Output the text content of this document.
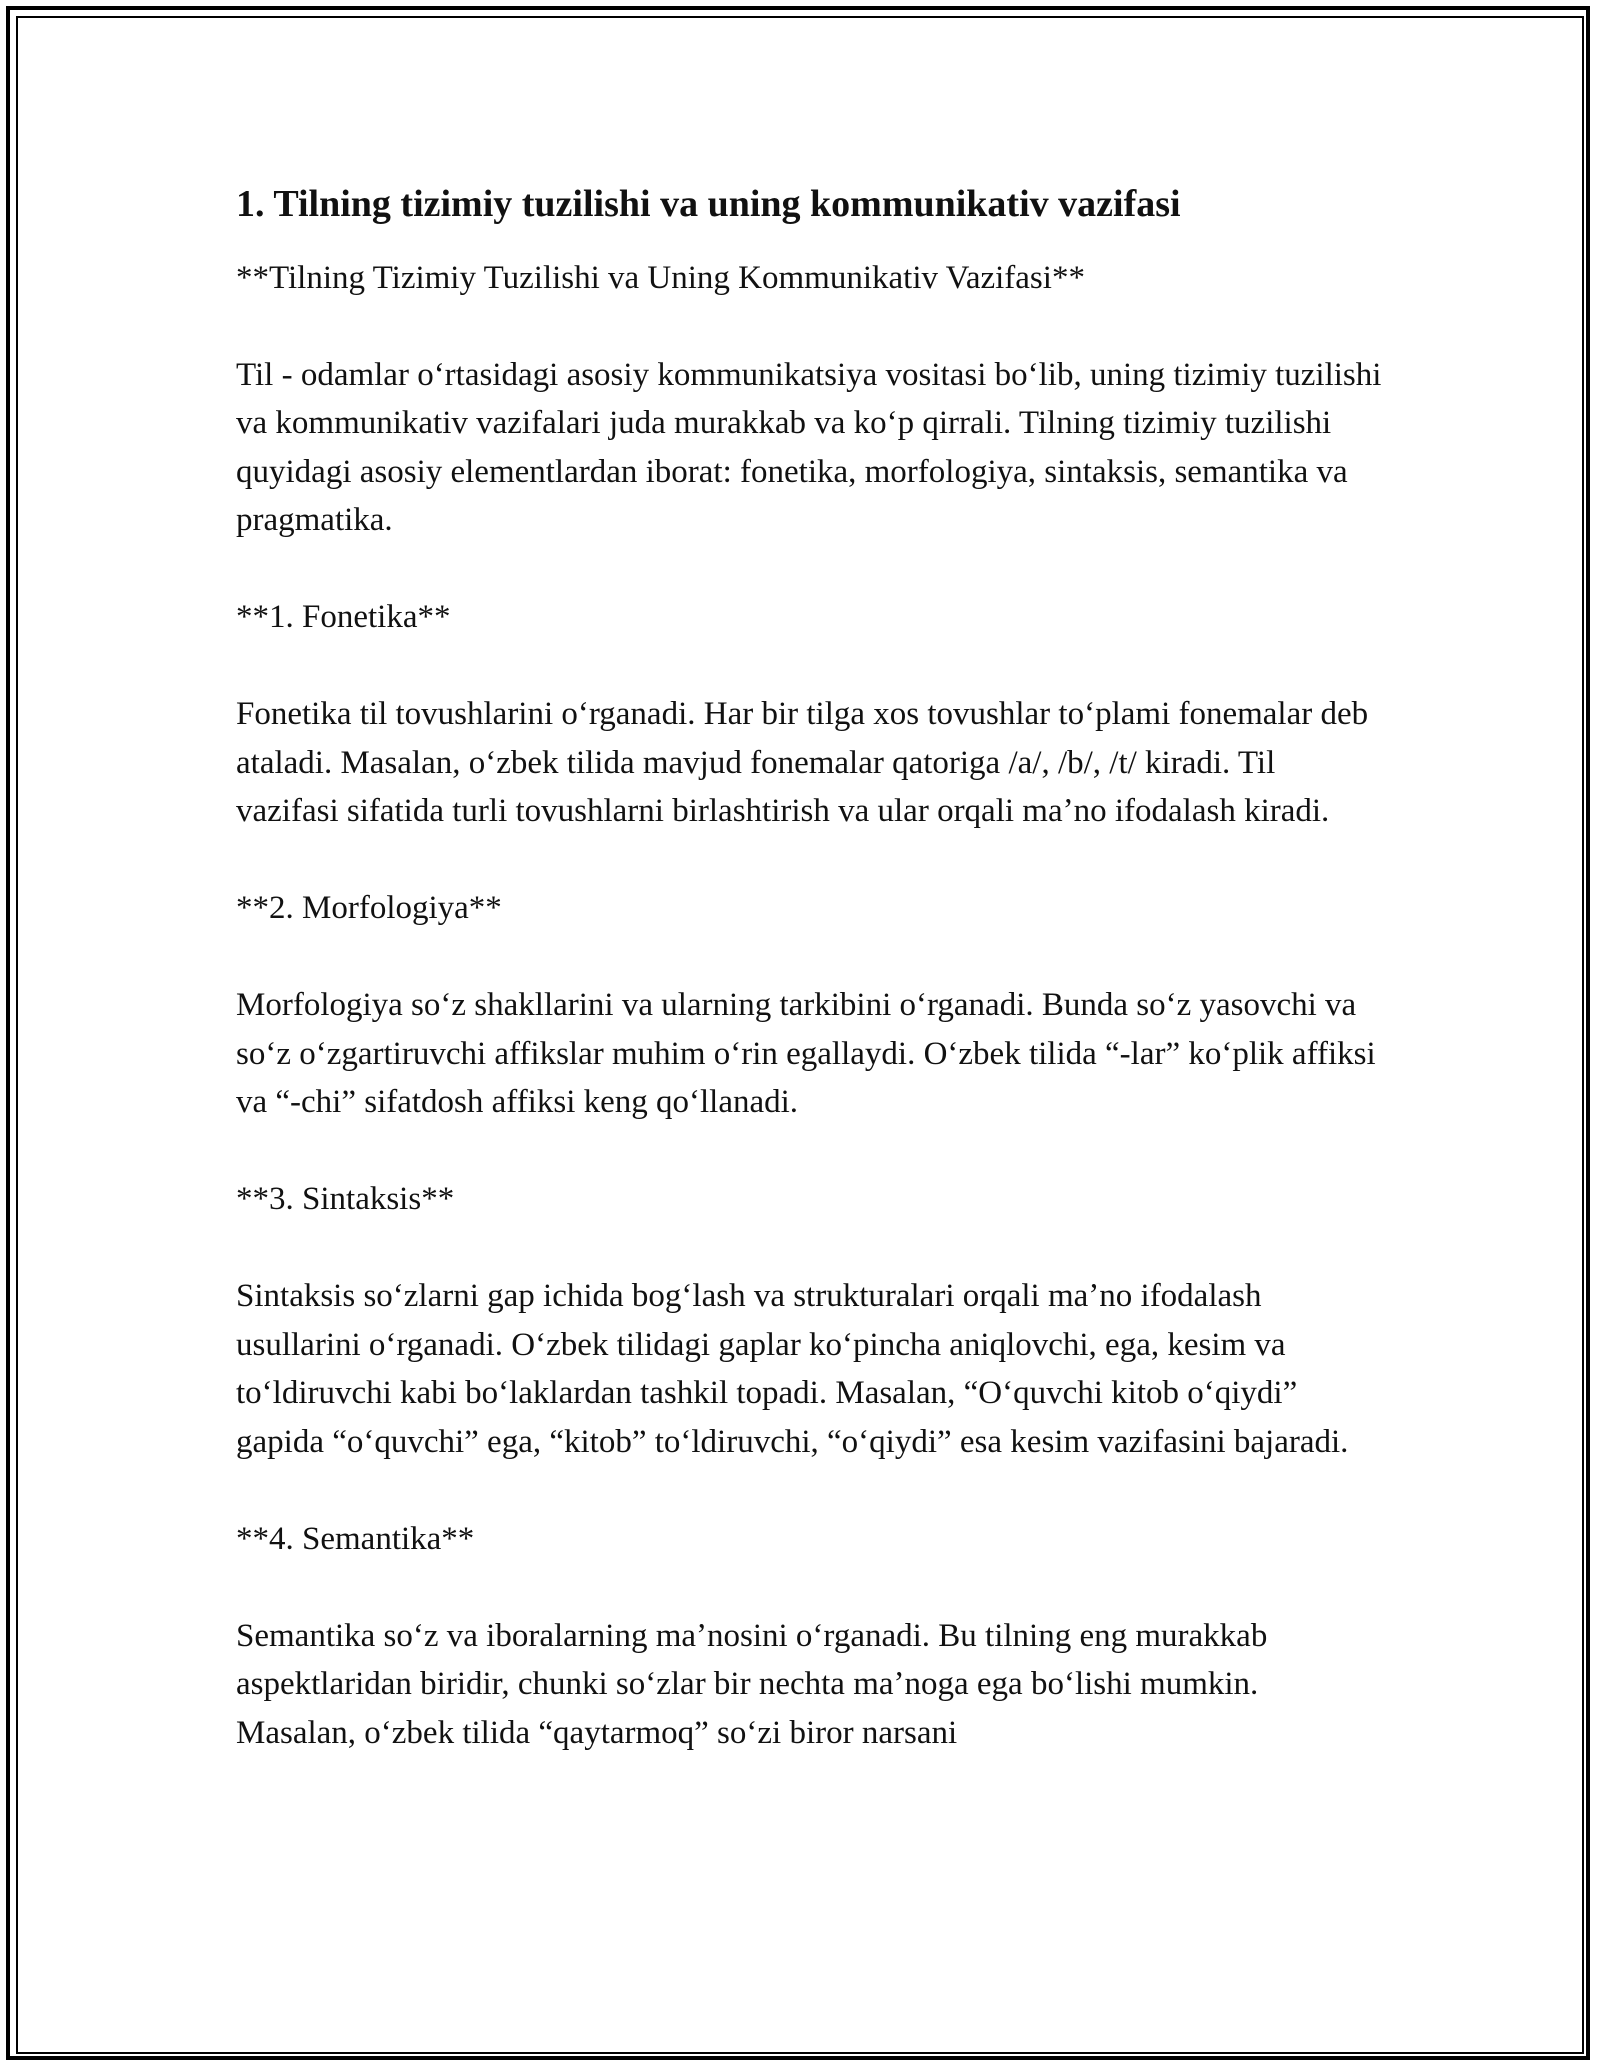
1. Tilning tizimiy tuzilishi va uning kommunikativ vazifasi

**Tilning Tizimiy Tuzilishi va Uning Kommunikativ Vazifasi**

Til - odamlar oʻrtasidagi asosiy kommunikatsiya vositasi boʻlib, uning tizimiy tuzilishi va kommunikativ vazifalari juda murakkab va koʻp qirrali. Tilning tizimiy tuzilishi quyidagi asosiy elementlardan iborat: fonetika, morfologiya, sintaksis, semantika va pragmatika.

**1. Fonetika**

Fonetika til tovushlarini oʻrganadi. Har bir tilga xos tovushlar toʻplami fonemalar deb ataladi. Masalan, oʻzbek tilida mavjud fonemalar qatoriga /a/, /b/, /t/ kiradi. Til vazifasi sifatida turli tovushlarni birlashtirish va ular orqali maʼno ifodalash kiradi.

**2. Morfologiya**

Morfologiya soʻz shakllarini va ularning tarkibini oʻrganadi. Bunda soʻz yasovchi va soʻz oʻzgartiruvchi affikslar muhim oʻrin egallaydi. Oʻzbek tilida “-lar” koʻplik affiksi va “-chi” sifatdosh affiksi keng qoʻllanadi.

**3. Sintaksis**

Sintaksis soʻzlarni gap ichida bogʻlash va strukturalari orqali maʼno ifodalash usullarini oʻrganadi. Oʻzbek tilidagi gaplar koʻpincha aniqlovchi, ega, kesim va toʻldiruvchi kabi boʻlaklardan tashkil topadi. Masalan, “Oʻquvchi kitob oʻqiydi” gapida “oʻquvchi” ega, “kitob” toʻldiruvchi, “oʻqiydi” esa kesim vazifasini bajaradi.

**4. Semantika**

Semantika soʻz va iboralarning maʼnosini oʻrganadi. Bu tilning eng murakkab aspektlaridan biridir, chunki soʻzlar bir nechta maʼnoga ega boʻlishi mumkin. Masalan, oʻzbek tilida “qaytarmoq” soʻzi biror narsani
